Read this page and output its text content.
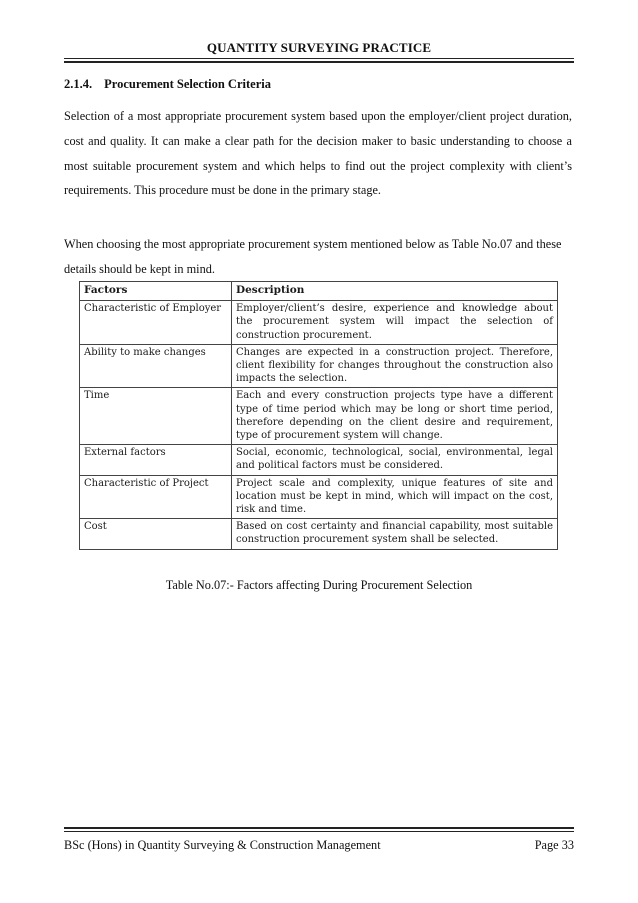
QUANTITY SURVEYING PRACTICE
2.1.4. Procurement Selection Criteria
Selection of a most appropriate procurement system based upon the employer/client project duration, cost and quality. It can make a clear path for the decision maker to basic understanding to choose a most suitable procurement system and which helps to find out the project complexity with client’s requirements. This procedure must be done in the primary stage.
When choosing the most appropriate procurement system mentioned below as Table No.07 and these details should be kept in mind.
Factors	Description
Characteristic of Employer	Employer/client’s desire, experience and knowledge about the procurement system will impact the selection of construction procurement.
Ability to make changes	Changes are expected in a construction project. Therefore, client flexibility for changes throughout the construction also impacts the selection.
Time	Each and every construction projects type have a different type of time period which may be long or short time period, therefore depending on the client desire and requirement, type of procurement system will change.
External factors	Social, economic, technological, social, environmental, legal and political factors must be considered.
Characteristic of Project	Project scale and complexity, unique features of site and location must be kept in mind, which will impact on the cost, risk and time.
Cost	Based on cost certainty and financial capability, most suitable construction procurement system shall be selected.
Table No.07:- Factors affecting During Procurement Selection
BSc (Hons) in Quantity Surveying & Construction Management	Page 33
